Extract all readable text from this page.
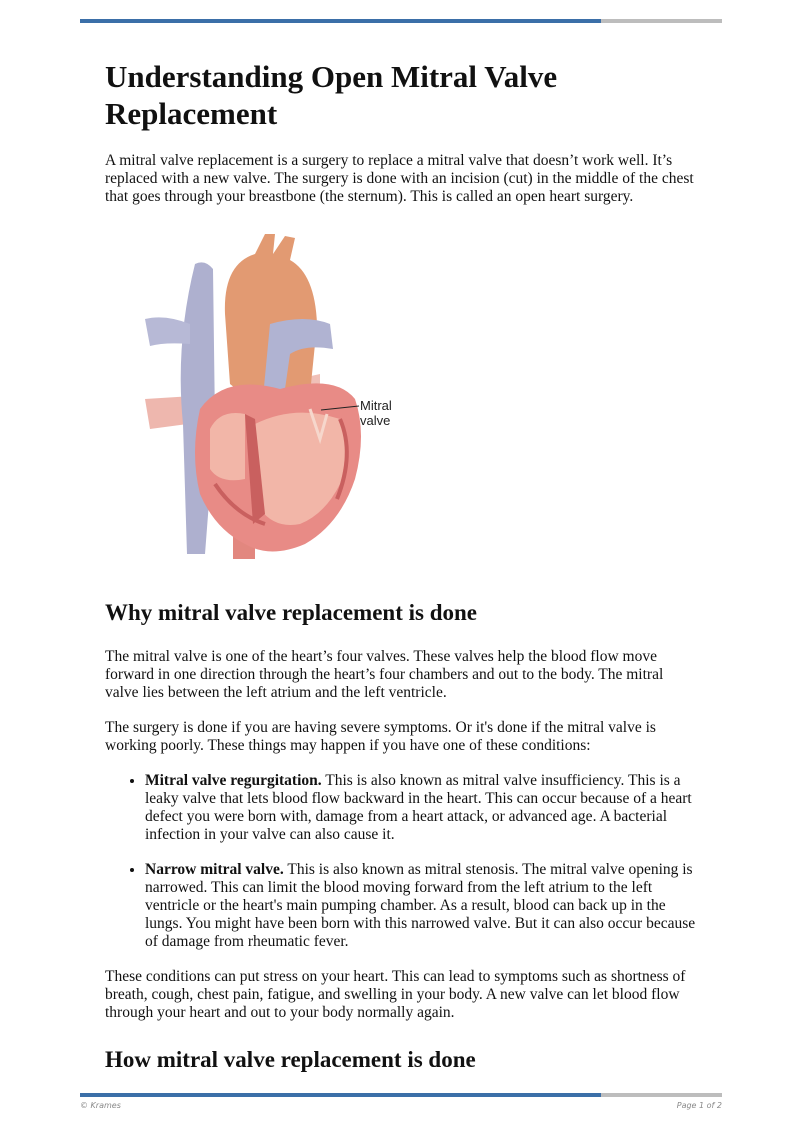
Understanding Open Mitral Valve Replacement

A mitral valve replacement is a surgery to replace a mitral valve that doesn’t work well. It’s replaced with a new valve. The surgery is done with an incision (cut) in the middle of the chest that goes through your breastbone (the sternum). This is called an open heart surgery.

Mitral
valve
Why mitral valve replacement is done

The mitral valve is one of the heart’s four valves. These valves help the blood flow move forward in one direction through the heart’s four chambers and out to the body. The mitral valve lies between the left atrium and the left ventricle.

The surgery is done if you are having severe symptoms. Or it's done if the mitral valve is working poorly. These things may happen if you have one of these conditions:

• Mitral valve regurgitation. This is also known as mitral valve insufficiency. This is a leaky valve that lets blood flow backward in the heart. This can occur because of a heart defect you were born with, damage from a heart attack, or advanced age. A bacterial infection in your valve can also cause it.
• Narrow mitral valve. This is also known as mitral stenosis. The mitral valve opening is narrowed. This can limit the blood moving forward from the left atrium to the left ventricle or the heart's main pumping chamber. As a result, blood can back up in the lungs. You might have been born with this narrowed valve. But it can also occur because of damage from rheumatic fever.

These conditions can put stress on your heart. This can lead to symptoms such as shortness of breath, cough, chest pain, fatigue, and swelling in your body. A new valve can let blood flow through your heart and out to your body normally again.

How mitral valve replacement is done
© Krames	Page 1 of 2
